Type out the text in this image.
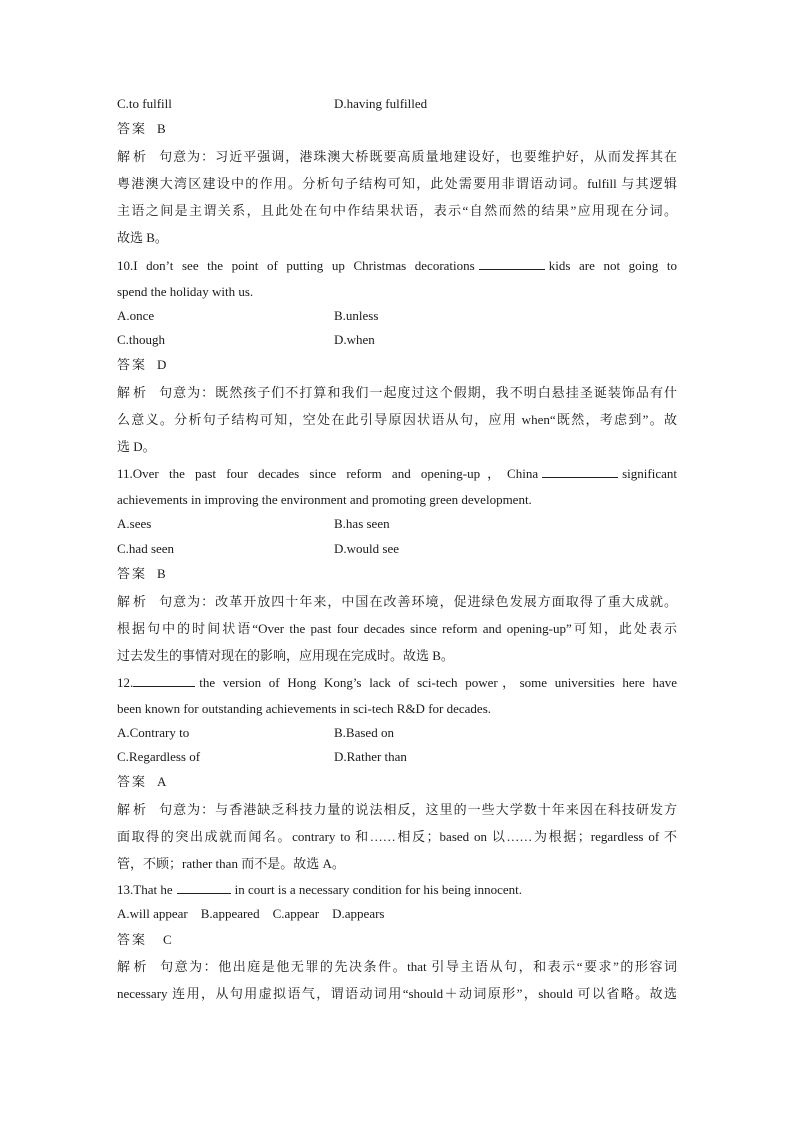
C.to fulfill	D.having fulfilled
答案 B
解析 句意为：习近平强调，港珠澳大桥既要高质量地建设好，也要维护好，从而发挥其在
粤港澳大湾区建设中的作用。分析句子结构可知，此处需要用非谓语动词。fulfill 与其逻辑
主语之间是主谓关系，且此处在句中作结果状语，表示“自然而然的结果”应用现在分词。
故选 B。
10.I don’t see the point of putting up Christmas decorations	kids are not going to
spend the holiday with us.
A.once	B.unless
C.though	D.when
答案 D
解析 句意为：既然孩子们不打算和我们一起度过这个假期，我不明白悬挂圣诞装饰品有什
么意义。分析句子结构可知，空处在此引导原因状语从句，应用 when“既然，考虑到”。故
选 D。
11.Over the past four decades since reform and opening-up，China	significant
achievements in improving the environment and promoting green development.
A.sees	B.has seen
C.had seen	D.would see
答案 B
解析 句意为：改革开放四十年来，中国在改善环境，促进绿色发展方面取得了重大成就。
根据句中的时间状语“Over the past four decades since reform and opening-up”可知，此处表示
过去发生的事情对现在的影响，应用现在完成时。故选 B。
12.	the version of Hong Kong’s lack of sci-tech power，some universities here have
been known for outstanding achievements in sci-tech R&D for decades.
A.Contrary to	B.Based on
C.Regardless of	D.Rather than
答案 A
解析 句意为：与香港缺乏科技力量的说法相反，这里的一些大学数十年来因在科技研发方
面取得的突出成就而闻名。contrary to 和……相反；based on 以……为根据；regardless of 不
管，不顾；rather than 而不是。故选 A。
13.That he	in court is a necessary condition for his being innocent.
A.will appear    B.appeared    C.appear    D.appears
答案 C
解析 句意为：他出庭是他无罪的先决条件。that 引导主语从句，和表示“要求”的形容词
necessary 连用，从句用虚拟语气，谓语动词用“should＋动词原形”，should 可以省略。故选
